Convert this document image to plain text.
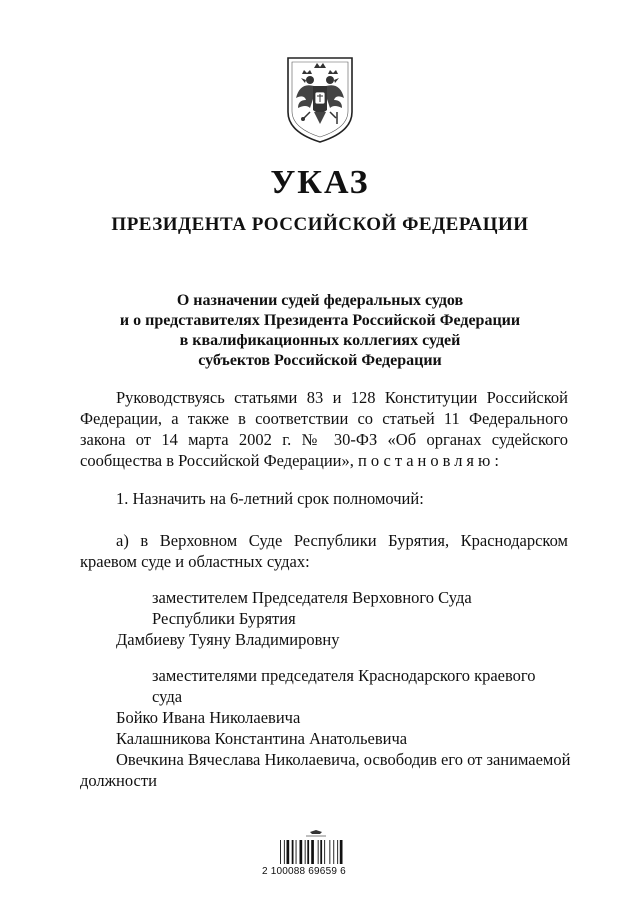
УКАЗ
ПРЕЗИДЕНТА РОССИЙСКОЙ ФЕДЕРАЦИИ
О назначении судей федеральных судов
и о представителях Президента Российской Федерации
в квалификационных коллегиях судей
субъектов Российской Федерации
Руководствуясь статьями 83 и 128 Конституции Российской
Федерации, а также в соответствии со статьей 11 Федерального
закона от 14 марта 2002 г. № 30-ФЗ «Об органах судейского
сообщества в Российской Федерации», постановляю:
1. Назначить на 6-летний срок полномочий:
а) в Верховном Суде Республики Бурятия, Краснодарском
краевом суде и областных судах:
заместителем Председателя Верховного Суда
Республики Бурятия
Дамбиеву Туяну Владимировну
заместителями председателя Краснодарского краевого
суда
Бойко Ивана Николаевича
Калашникова Константина Анатольевича
Овечкина Вячеслава Николаевича, освободив его от занимаемой
должности
2 100088 69659 6
